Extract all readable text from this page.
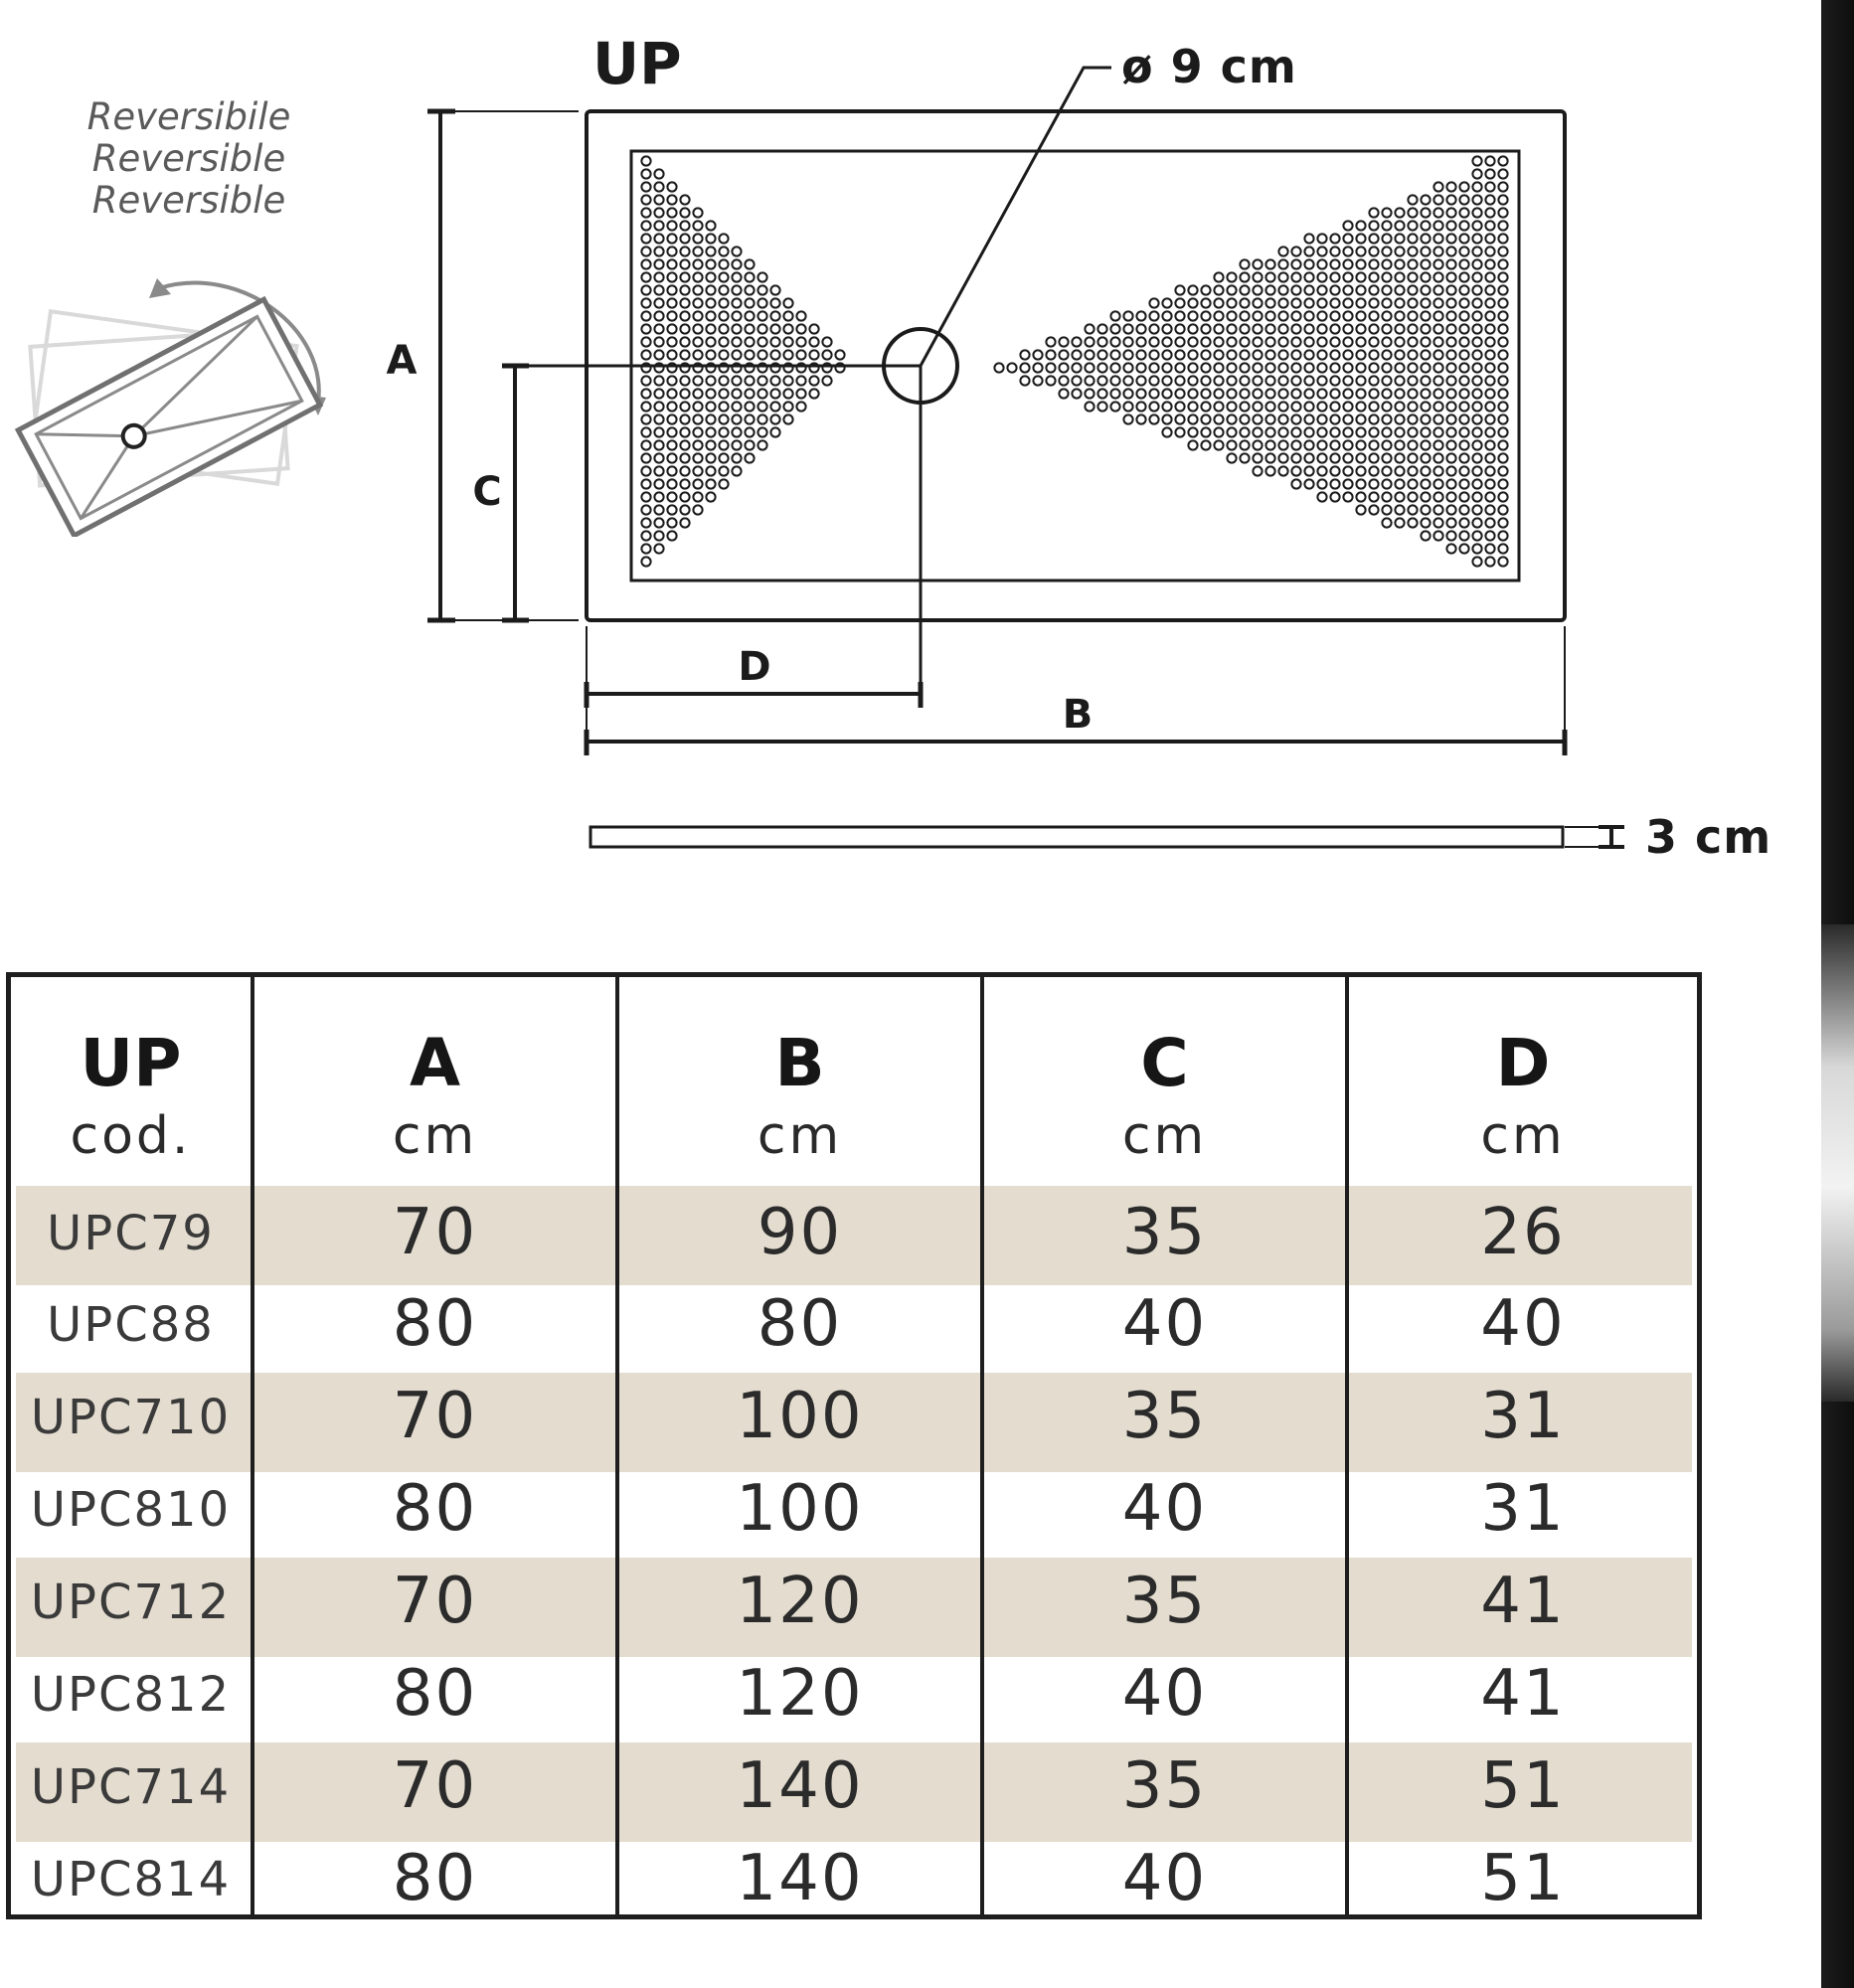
Reversibile
Reversible
Reversible
UP	ø 9 cm
3 cm
A
C
D
B
UP
cod.
UPC79
UPC88
UPC710
UPC810
UPC712
UPC812
UPC714
UPC814
A
cm
70
80
70
80
70
80
70
80
B
cm
90
80
100
100
120
120
140
140
C
cm
35
40
35
40
35
40
35
40
D
cm
26
40
31
31
41
41
51
51
